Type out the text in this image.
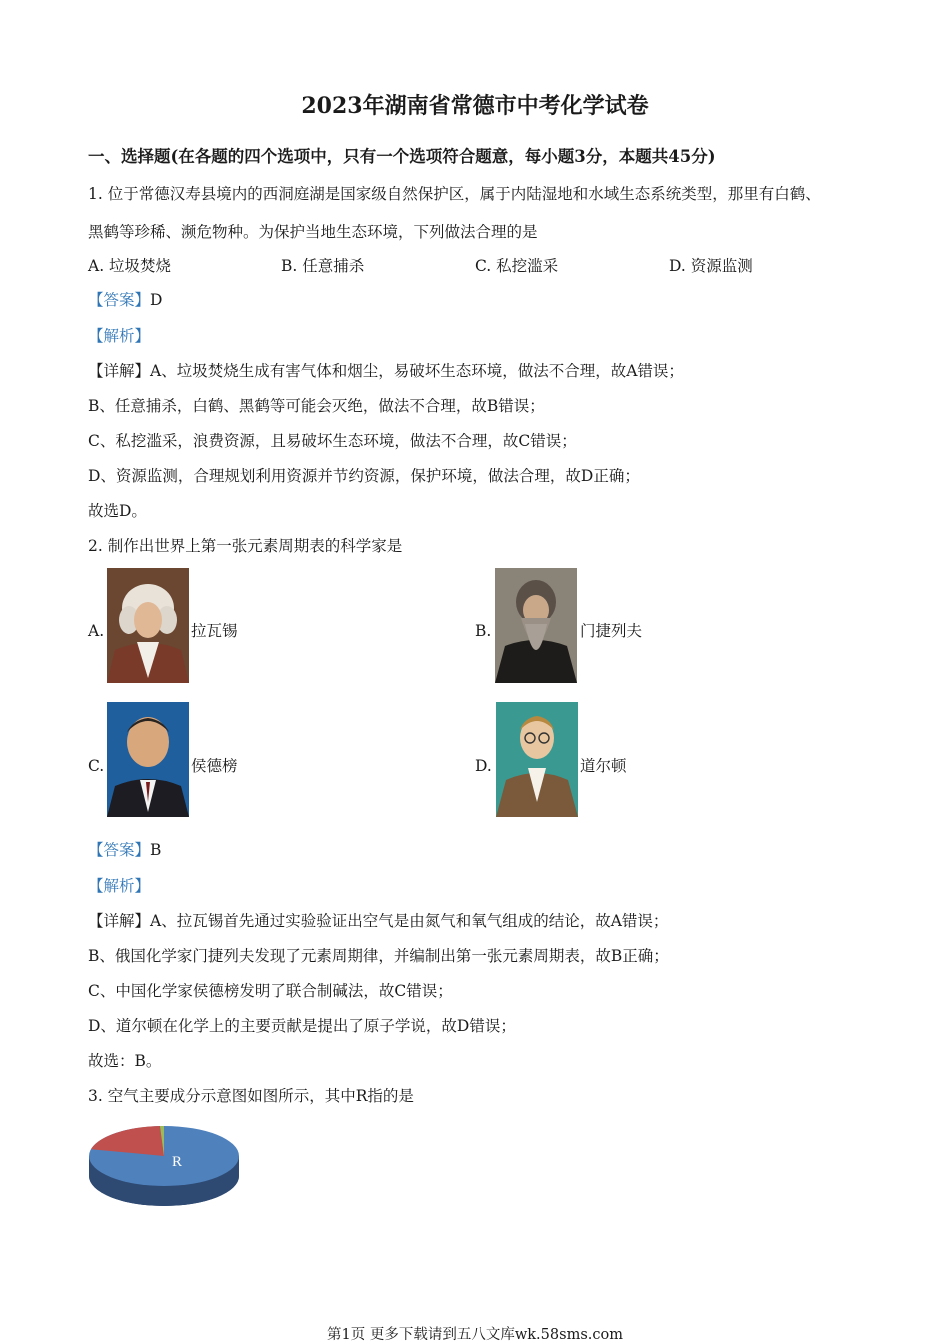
2023年湖南省常德市中考化学试卷
一、选择题(在各题的四个选项中，只有一个选项符合题意，每小题3分，本题共45分)
1. 位于常德汉寿县境内的西洞庭湖是国家级自然保护区，属于内陆湿地和水域生态系统类型，那里有白鹤、
黑鹤等珍稀、濒危物种。为保护当地生态环境，下列做法合理的是
A. 垃圾焚烧	B. 任意捕杀	C. 私挖滥采	D. 资源监测
【答案】D
【解析】
【详解】A、垃圾焚烧生成有害气体和烟尘，易破坏生态环境，做法不合理，故A错误；
B、任意捕杀，白鹤、黑鹤等可能会灭绝，做法不合理，故B错误；
C、私挖滥采，浪费资源，且易破坏生态环境，做法不合理，故C错误；
D、资源监测，合理规划利用资源并节约资源，保护环境，做法合理，故D正确；
故选D。
2. 制作出世界上第一张元素周期表的科学家是
A.	拉瓦锡	B.	门捷列夫
C.	侯德榜	D.	道尔顿
【答案】B
【解析】
【详解】A、拉瓦锡首先通过实验验证出空气是由氮气和氧气组成的结论，故A错误；
B、俄国化学家门捷列夫发现了元素周期律，并编制出第一张元素周期表，故B正确；
C、中国化学家侯德榜发明了联合制碱法，故C错误；
D、道尔顿在化学上的主要贡献是提出了原子学说，故D错误；
故选：B。
3. 空气主要成分示意图如图所示，其中R指的是
R
第1页 更多下载请到五八文库wk.58sms.com
